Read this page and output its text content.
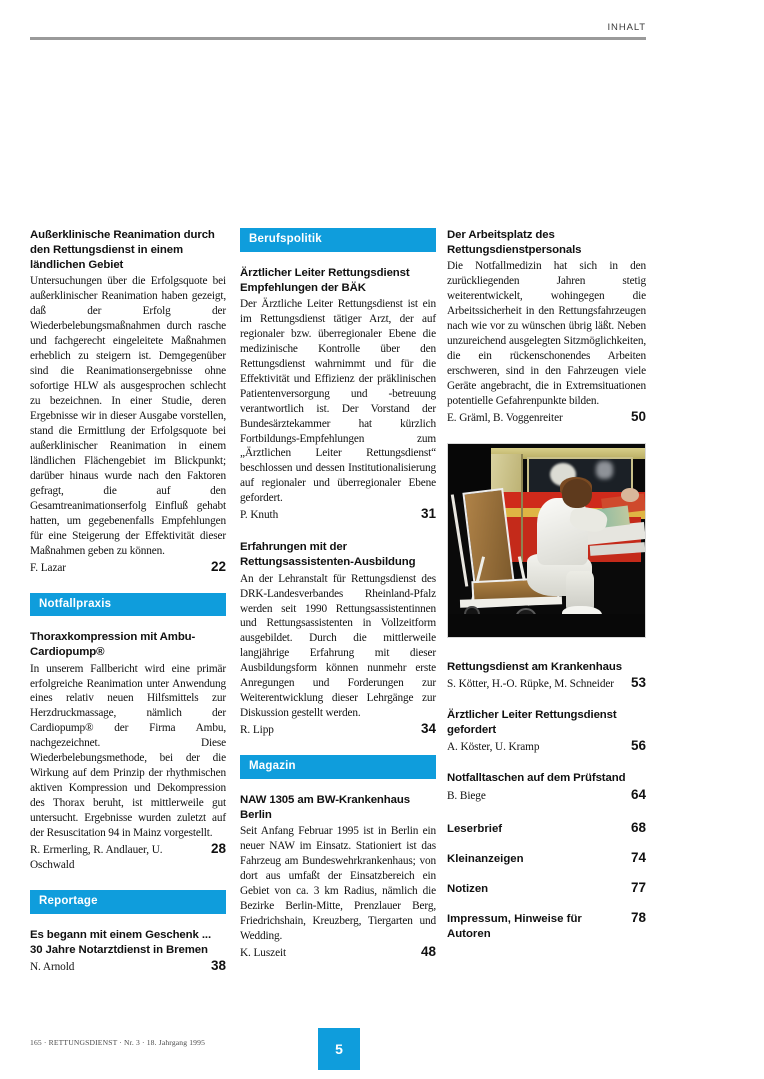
INHALT
Außerklinische Reanimation durch den Rettungsdienst in einem ländlichen Gebiet
Untersuchungen über die Erfolgsquote bei außerklinischer Reanimation haben gezeigt, daß der Erfolg der Wiederbelebungsmaßnahmen durch rasche und fachgerecht eingeleitete Maßnahmen erheblich zu steigern ist. Demgegenüber sind die Reanimationsergebnisse ohne sofortige HLW als ausgesprochen schlecht zu bezeichnen. In einer Studie, deren Ergebnisse wir in dieser Ausgabe vorstellen, stand die Ermittlung der Erfolgsquote bei außerklinischer Reanimation in einem ländlichen Flächengebiet im Blickpunkt; darüber hinaus wurde nach den Faktoren gefragt, die auf den Gesamtreanimationserfolg Einfluß gehabt hatten, um gegebenenfalls Empfehlungen für eine Steigerung der Effektivität dieser Maßnahmen geben zu können.
F. Lazar	22
Notfallpraxis
Thoraxkompression mit Ambu-Cardiopump®
In unserem Fallbericht wird eine primär erfolgreiche Reanimation unter Anwendung eines relativ neuen Hilfsmittels zur Herzdruckmassage, nämlich der Cardiopump® der Firma Ambu, nachgezeichnet. Diese Wiederbelebungsmethode, bei der die Wirkung auf dem Prinzip der rhythmischen aktiven Kompression und Dekompression des Thorax beruht, ist mittlerweile gut untersucht. Ergebnisse wurden zuletzt auf der Resuscitation 94 in Mainz vorgestellt.
R. Ermerling, R. Andlauer, U. Oschwald
28
Reportage
Es begann mit einem Geschenk ... 30 Jahre Notarztdienst in Bremen
N. Arnold	38
Berufspolitik
Ärztlicher Leiter Rettungsdienst Empfehlungen der BÄK
Der Ärztliche Leiter Rettungsdienst ist ein im Rettungsdienst tätiger Arzt, der auf regionaler bzw. überregionaler Ebene die medizinische Kontrolle über den Rettungsdienst wahrnimmt und für die Effektivität und Effizienz der präklinischen Patientenversorgung und -betreuung verantwortlich ist. Der Vorstand der Bundesärztekammer hat kürzlich Fortbildungs-Empfehlungen zum „Ärztlichen Leiter Rettungsdienst“ beschlossen und dessen Institutionalisierung auf regionaler und überregionaler Ebene gefordert.
P. Knuth	31
Erfahrungen mit der Rettungsassistenten-Ausbildung
An der Lehranstalt für Rettungsdienst des DRK-Landesverbandes Rheinland-Pfalz werden seit 1990 Rettungsassistentinnen und Rettungsassistenten in Vollzeitform ausgebildet. Durch die mittlerweile langjährige Erfahrung mit dieser Ausbildungsform können nunmehr erste Anregungen und Forderungen zur Weiterentwicklung dieser Lehrgänge zur Diskussion gestellt werden.
R. Lipp	34
Magazin
NAW 1305 am BW-Krankenhaus Berlin
Seit Anfang Februar 1995 ist in Berlin ein neuer NAW im Einsatz. Stationiert ist das Fahrzeug am Bundeswehrkrankenhaus; von dort aus umfaßt der Einsatzbereich ein Gebiet von ca. 3 km Radius, nämlich die Bezirke Berlin-Mitte, Prenzlauer Berg, Friedrichshain, Kreuzberg, Tiergarten und Wedding.
K. Luszeit	48
Der Arbeitsplatz des Rettungsdienstpersonals
Die Notfallmedizin hat sich in den zurückliegenden Jahren stetig weiterentwickelt, wohingegen die Arbeitssicherheit in den Rettungsfahrzeugen nach wie vor zu wünschen übrig läßt. Neben unzureichend ausgelegten Sitzmöglichkeiten, die ein rückenschonendes Arbeiten erschweren, sind in den Fahrzeugen viele Geräte angebracht, die in Extremsituationen potentielle Gefahrenpunkte bilden.
E. Gräml, B. Voggenreiter	50
Rettungsdienst am Krankenhaus
S. Kötter, H.-O. Rüpke, M. Schneider 53
Ärztlicher Leiter Rettungsdienst gefordert
A. Köster, U. Kramp	56
Notfalltaschen auf dem Prüfstand
B. Biege	64
Leserbrief	68
Kleinanzeigen	74
Notizen	77
Impressum, Hinweise für Autoren
78
165 · RETTUNGSDIENST · Nr. 3 · 18. Jahrgang 1995	5
